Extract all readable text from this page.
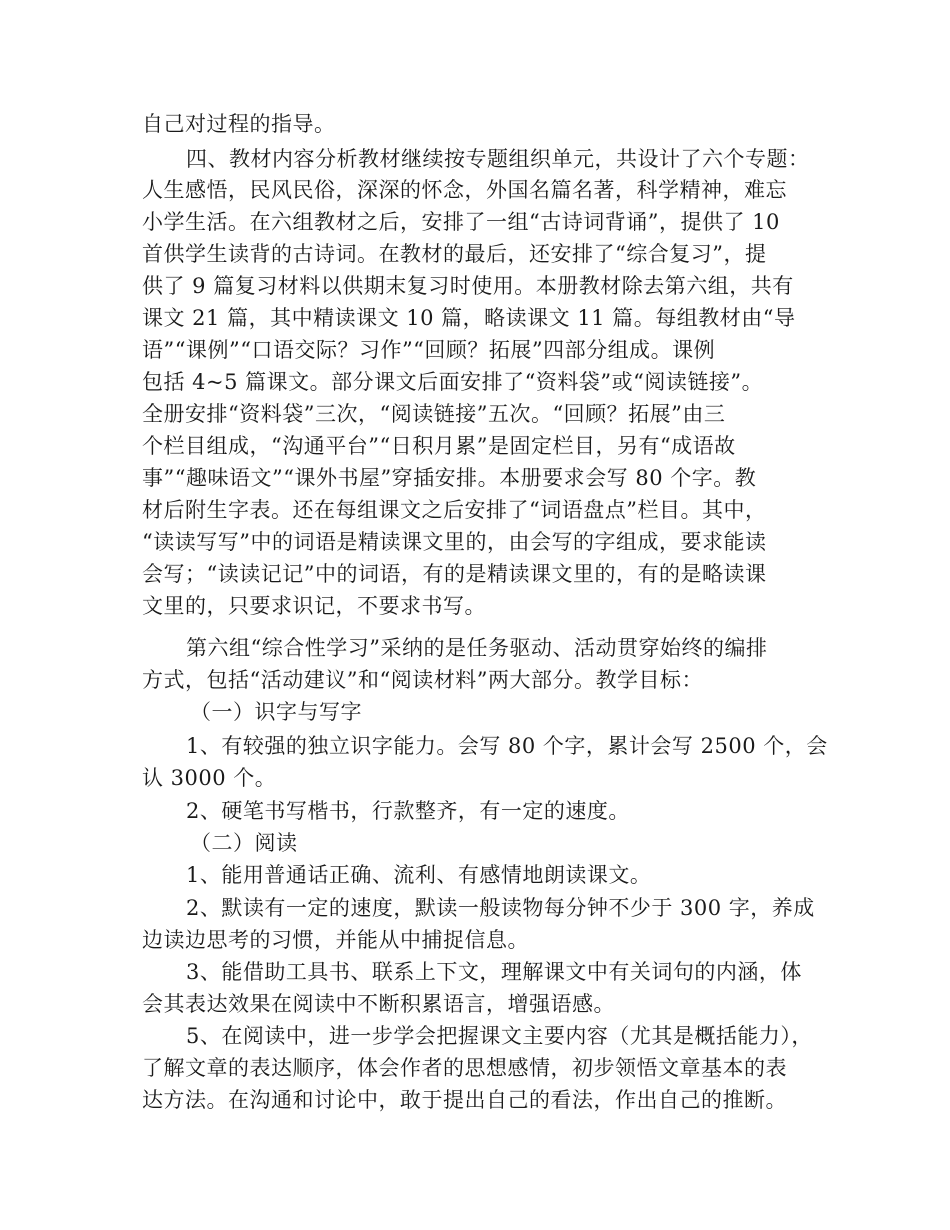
自己对过程的指导。

四、教材内容分析教材继续按专题组织单元，共设计了六个专题：

人生感悟，民风民俗，深深的怀念，外国名篇名著，科学精神，难忘

小学生活。在六组教材之后，安排了一组“古诗词背诵”，提供了 10

首供学生读背的古诗词。在教材的最后，还安排了“综合复习”，提

供了 9 篇复习材料以供期末复习时使用。本册教材除去第六组，共有

课文 21 篇，其中精读课文 10 篇，略读课文 11 篇。每组教材由“导

语”“课例”“口语交际？习作”“回顾？拓展”四部分组成。课例

包括 4~5 篇课文。部分课文后面安排了“资料袋”或“阅读链接”。

全册安排“资料袋”三次，“阅读链接”五次。“回顾？拓展”由三

个栏目组成，“沟通平台”“日积月累”是固定栏目，另有“成语故

事”“趣味语文”“课外书屋”穿插安排。本册要求会写 80 个字。教

材后附生字表。还在每组课文之后安排了“词语盘点”栏目。其中，

“读读写写”中的词语是精读课文里的，由会写的字组成，要求能读

会写；“读读记记”中的词语，有的是精读课文里的，有的是略读课

文里的，只要求识记，不要求书写。

第六组“综合性学习”采纳的是任务驱动、活动贯穿始终的编排

方式，包括“活动建议”和“阅读材料”两大部分。教学目标：

（一）识字与写字

1、有较强的独立识字能力。会写 80 个字，累计会写 2500 个，会

认 3000 个。

2、硬笔书写楷书，行款整齐，有一定的速度。

（二）阅读

1、能用普通话正确、流利、有感情地朗读课文。

2、默读有一定的速度，默读一般读物每分钟不少于 300 字，养成

边读边思考的习惯，并能从中捕捉信息。

3、能借助工具书、联系上下文，理解课文中有关词句的内涵，体

会其表达效果在阅读中不断积累语言，增强语感。

5、在阅读中，进一步学会把握课文主要内容（尤其是概括能力），

了解文章的表达顺序，体会作者的思想感情，初步领悟文章基本的表

达方法。在沟通和讨论中，敢于提出自己的看法，作出自己的推断。
